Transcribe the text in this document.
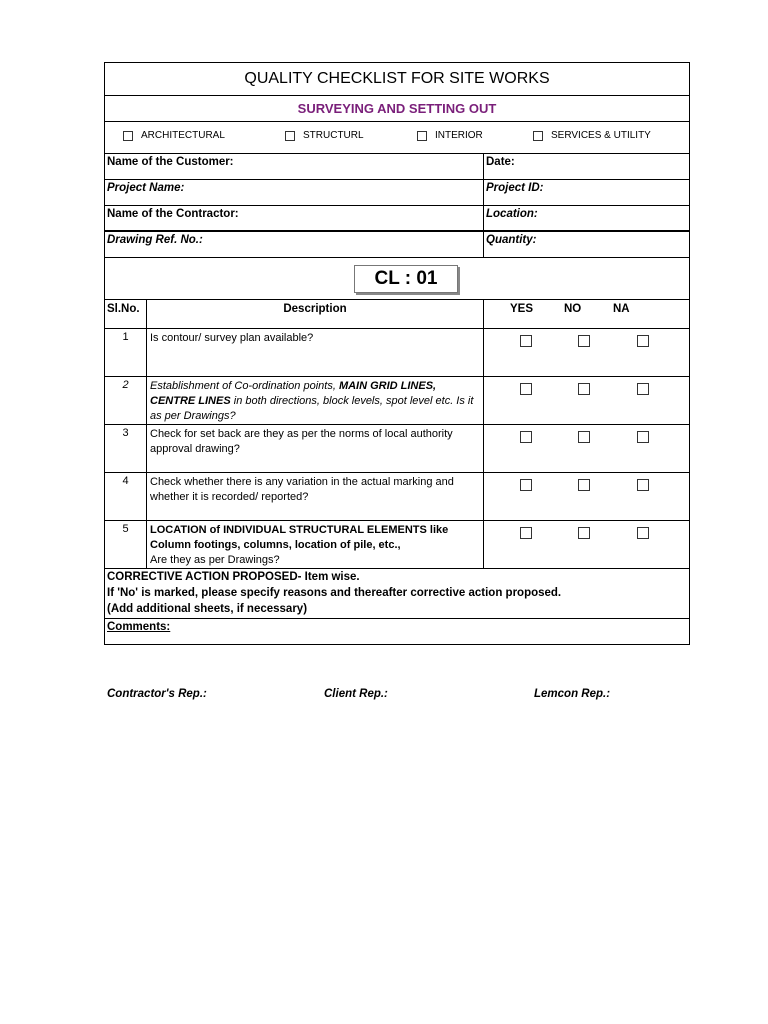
QUALITY CHECKLIST FOR SITE WORKS
SURVEYING AND SETTING OUT
ARCHITECTURAL	STRUCTURL	INTERIOR	SERVICES & UTILITY
Name of the Customer:	Date:
Project Name:	Project ID:
Name of the Contractor:	Location:
Drawing Ref. No.:	Quantity:
CL : 01
Sl.No.	Description	YES	NO	NA
1	Is contour/ survey plan available?
2	Establishment of Co-ordination points, MAIN GRID LINES, CENTRE LINES in both directions, block levels, spot level etc. Is it as per Drawings?
3	Check for set back are they as per the norms of local authority approval drawing?
4	Check whether there is any variation in the actual marking and whether it is recorded/ reported?
5	LOCATION of INDIVIDUAL STRUCTURAL ELEMENTS like Column footings, columns, location of pile, etc.,
Are they as per Drawings?
CORRECTIVE ACTION PROPOSED- Item wise.
If 'No' is marked, please specify reasons and thereafter corrective action proposed.
(Add additional sheets, if necessary)
Comments:
Contractor's Rep.:	Client Rep.:	Lemcon Rep.:
